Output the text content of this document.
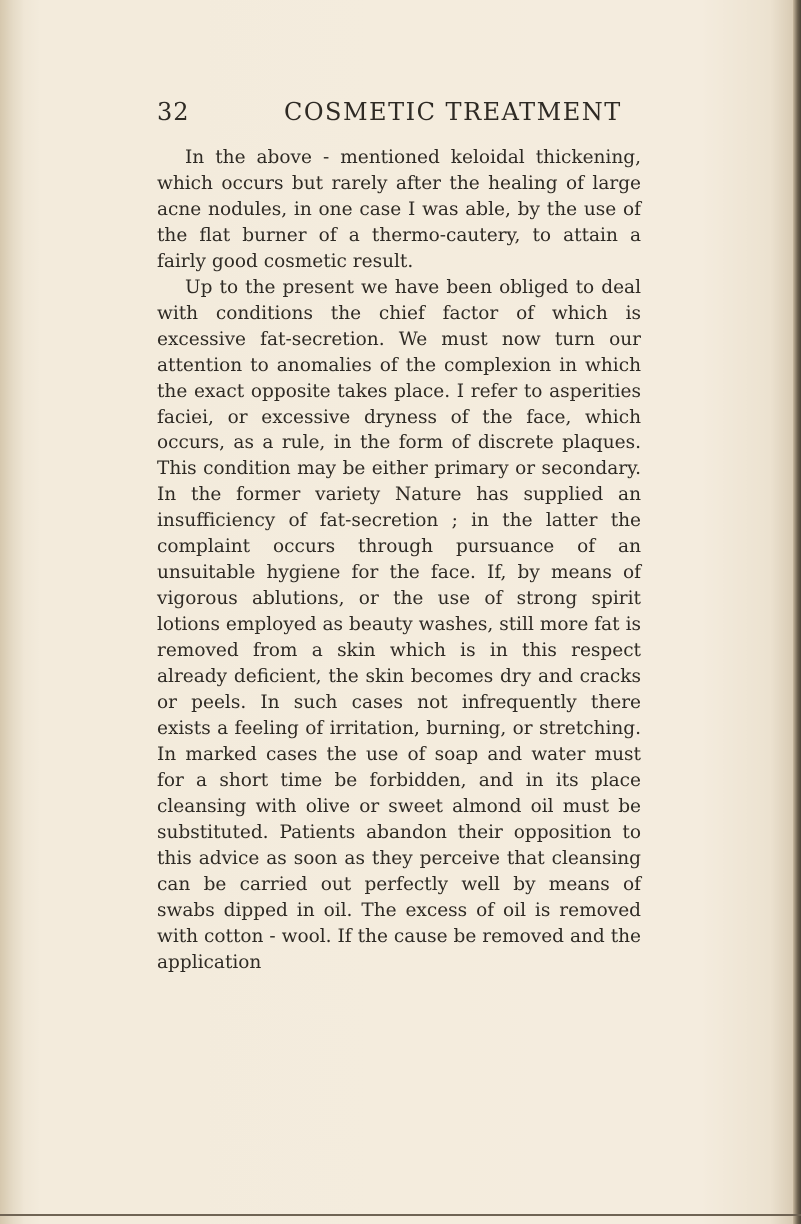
32	COSMETIC TREATMENT

In the above - mentioned keloidal thickening, which occurs but rarely after the healing of large acne nodules, in one case I was able, by the use of the flat burner of a thermo-cautery, to attain a fairly good cosmetic result.

Up to the present we have been obliged to deal with conditions the chief factor of which is excessive fat-secretion. We must now turn our attention to anomalies of the complexion in which the exact opposite takes place. I refer to asperities faciei, or excessive dryness of the face, which occurs, as a rule, in the form of discrete plaques. This condition may be either primary or secondary. In the former variety Nature has supplied an insufficiency of fat-secretion ; in the latter the complaint occurs through pursuance of an unsuitable hygiene for the face. If, by means of vigorous ablutions, or the use of strong spirit lotions employed as beauty washes, still more fat is removed from a skin which is in this respect already deficient, the skin becomes dry and cracks or peels. In such cases not infrequently there exists a feeling of irritation, burning, or stretching. In marked cases the use of soap and water must for a short time be forbidden, and in its place cleansing with olive or sweet almond oil must be substituted. Patients abandon their opposition to this advice as soon as they perceive that cleansing can be carried out perfectly well by means of swabs dipped in oil. The excess of oil is removed with cotton - wool. If the cause be removed and the application
